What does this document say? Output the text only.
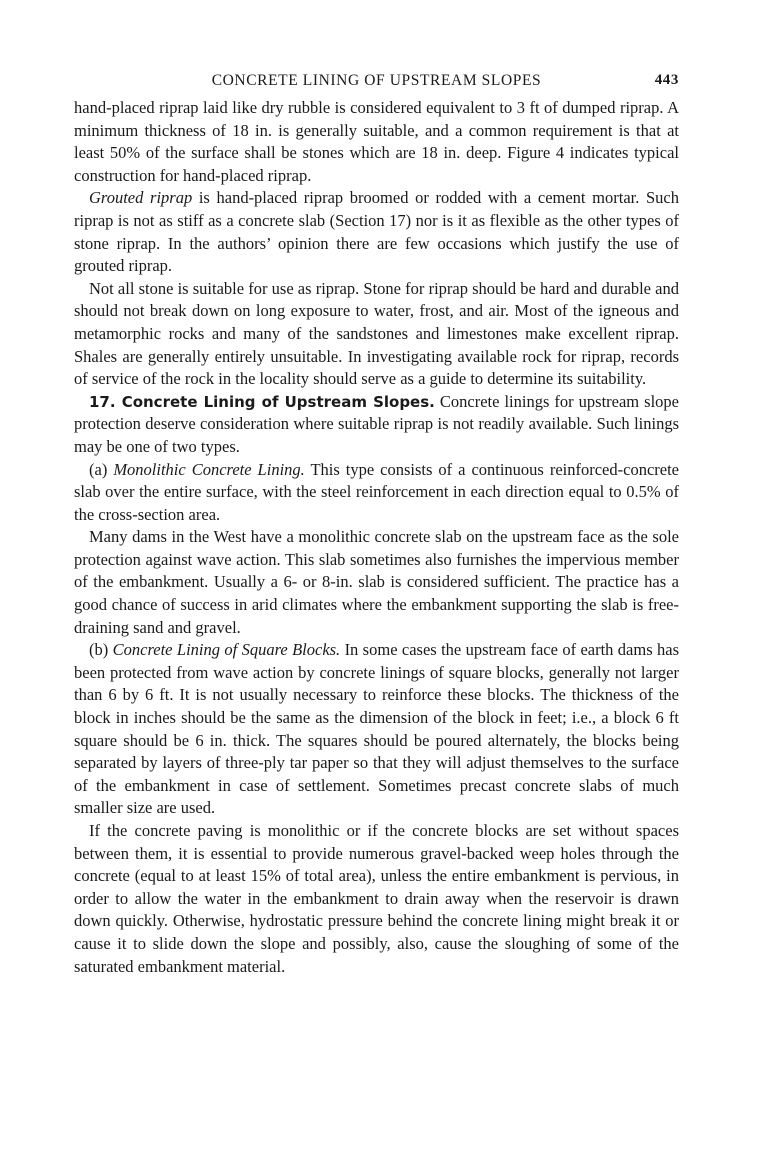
CONCRETE LINING OF UPSTREAM SLOPES	443

hand-placed riprap laid like dry rubble is considered equivalent to 3 ft of dumped riprap. A minimum thickness of 18 in. is generally suitable, and a common requirement is that at least 50% of the surface shall be stones which are 18 in. deep. Figure 4 indicates typical construction for hand-placed riprap.

Grouted riprap is hand-placed riprap broomed or rodded with a cement mortar. Such riprap is not as stiff as a concrete slab (Section 17) nor is it as flexible as the other types of stone riprap. In the authors’ opinion there are few occasions which justify the use of grouted riprap.

Not all stone is suitable for use as riprap. Stone for riprap should be hard and durable and should not break down on long exposure to water, frost, and air. Most of the igneous and metamorphic rocks and many of the sandstones and limestones make excellent riprap. Shales are generally entirely unsuitable. In investigating available rock for riprap, records of service of the rock in the locality should serve as a guide to determine its suitability.

17. Concrete Lining of Upstream Slopes. Concrete linings for upstream slope protection deserve consideration where suitable riprap is not readily available. Such linings may be one of two types.

(a) Monolithic Concrete Lining. This type consists of a continuous reinforced-concrete slab over the entire surface, with the steel reinforcement in each direction equal to 0.5% of the cross-section area.

Many dams in the West have a monolithic concrete slab on the upstream face as the sole protection against wave action. This slab sometimes also furnishes the impervious member of the embankment. Usually a 6- or 8-in. slab is considered sufficient. The practice has a good chance of success in arid climates where the embankment supporting the slab is free-draining sand and gravel.

(b) Concrete Lining of Square Blocks. In some cases the upstream face of earth dams has been protected from wave action by concrete linings of square blocks, generally not larger than 6 by 6 ft. It is not usually necessary to reinforce these blocks. The thickness of the block in inches should be the same as the dimension of the block in feet; i.e., a block 6 ft square should be 6 in. thick. The squares should be poured alternately, the blocks being separated by layers of three-ply tar paper so that they will adjust themselves to the surface of the embankment in case of settlement. Sometimes precast concrete slabs of much smaller size are used.

If the concrete paving is monolithic or if the concrete blocks are set without spaces between them, it is essential to provide numerous gravel-backed weep holes through the concrete (equal to at least 15% of total area), unless the entire embankment is pervious, in order to allow the water in the embankment to drain away when the reservoir is drawn down quickly. Otherwise, hydrostatic pressure behind the concrete lining might break it or cause it to slide down the slope and possibly, also, cause the sloughing of some of the saturated embankment material.
